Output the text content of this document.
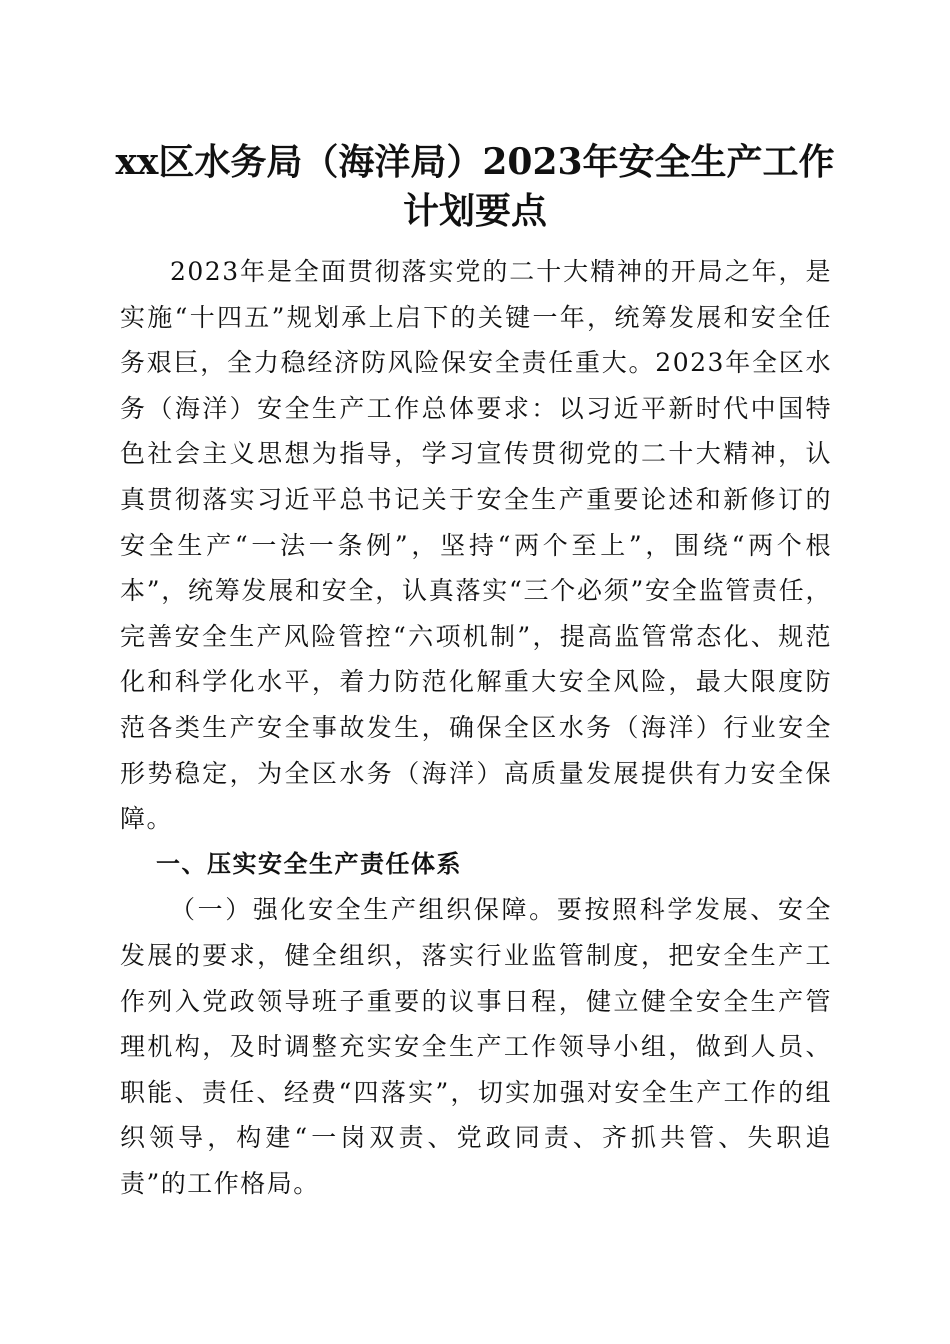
xx区水务局（海洋局）2023年安全生产工作
计划要点

2023年是全面贯彻落实党的二十大精神的开局之年，是实施“十四五”规划承上启下的关键一年，统筹发展和安全任务艰巨，全力稳经济防风险保安全责任重大。2023年全区水务（海洋）安全生产工作总体要求：以习近平新时代中国特色社会主义思想为指导，学习宣传贯彻党的二十大精神，认真贯彻落实习近平总书记关于安全生产重要论述和新修订的安全生产“一法一条例”，坚持“两个至上”，围绕“两个根本”，统筹发展和安全，认真落实“三个必须”安全监管责任，完善安全生产风险管控“六项机制”，提高监管常态化、规范化和科学化水平，着力防范化解重大安全风险，最大限度防范各类生产安全事故发生，确保全区水务（海洋）行业安全形势稳定，为全区水务（海洋）高质量发展提供有力安全保障。

一、压实安全生产责任体系

（一）强化安全生产组织保障。要按照科学发展、安全发展的要求，健全组织，落实行业监管制度，把安全生产工作列入党政领导班子重要的议事日程，健立健全安全生产管理机构，及时调整充实安全生产工作领导小组，做到人员、职能、责任、经费“四落实”，切实加强对安全生产工作的组织领导，构建“一岗双责、党政同责、齐抓共管、失职追责”的工作格局。
